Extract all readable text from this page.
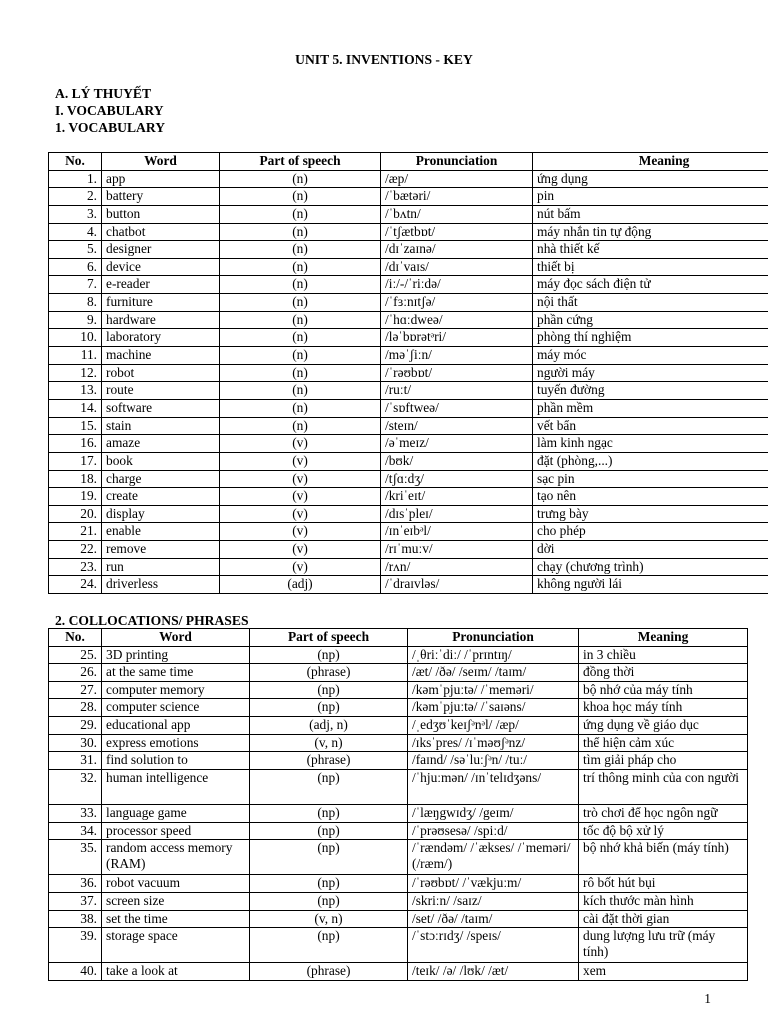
UNIT 5. INVENTIONS - KEY
A. LÝ THUYẾT
I. VOCABULARY
1. VOCABULARY
No.	Word	Part of speech	Pronunciation	Meaning
1.	app	(n)	/æp/	ứng dụng
2.	battery	(n)	/ˈbætəri/	pin
3.	button	(n)	/ˈbʌtn/	nút bấm
4.	chatbot	(n)	/ˈtʃætbɒt/	máy nhắn tin tự động
5.	designer	(n)	/dɪˈzaɪnə/	nhà thiết kế
6.	device	(n)	/dɪˈvaɪs/	thiết bị
7.	e-reader	(n)	/iː/-/ˈriːdə/	máy đọc sách điện tử
8.	furniture	(n)	/ˈfɜːnɪtʃə/	nội thất
9.	hardware	(n)	/ˈhɑːdweə/	phần cứng
10.	laboratory	(n)	/ləˈbɒrətᵊri/	phòng thí nghiệm
11.	machine	(n)	/məˈʃiːn/	máy móc
12.	robot	(n)	/ˈrəʊbɒt/	người máy
13.	route	(n)	/ruːt/	tuyến đường
14.	software	(n)	/ˈsɒftweə/	phần mềm
15.	stain	(n)	/steɪn/	vết bẩn
16.	amaze	(v)	/əˈmeɪz/	làm kinh ngạc
17.	book	(v)	/bʊk/	đặt (phòng,...)
18.	charge	(v)	/tʃɑːdʒ/	sạc pin
19.	create	(v)	/kriˈeɪt/	tạo nên
20.	display	(v)	/dɪsˈpleɪ/	trưng bày
21.	enable	(v)	/ɪnˈeɪbᵊl/	cho phép
22.	remove	(v)	/rɪˈmuːv/	dời
23.	run	(v)	/rʌn/	chạy (chương trình)
24.	driverless	(adj)	/ˈdraɪvləs/	không người lái
2. COLLOCATIONS/ PHRASES
No.	Word	Part of speech	Pronunciation	Meaning
25.	3D printing	(np)	/ˌθriːˈdiː/ /ˈprɪntɪŋ/	in 3 chiều
26.	at the same time	(phrase)	/æt/ /ðə/ /seɪm/ /taɪm/	đồng thời
27.	computer memory	(np)	/kəmˈpjuːtə/ /ˈmeməri/	bộ nhớ của máy tính
28.	computer science	(np)	/kəmˈpjuːtə/ /ˈsaɪəns/	khoa học máy tính
29.	educational app	(adj, n)	/ˌedʒʊˈkeɪʃᵊnᵊl/ /æp/	ứng dụng về giáo dục
30.	express emotions	(v, n)	/ɪksˈpres/ /ɪˈməʊʃᵊnz/	thể hiện cảm xúc
31.	find solution to	(phrase)	/faɪnd/ /səˈluːʃᵊn/ /tuː/	tìm giải pháp cho
32.	human intelligence	(np)	/ˈhjuːmən/ /ɪnˈtelɪdʒəns/	trí thông minh của con người
33.	language game	(np)	/ˈlæŋgwɪdʒ/ /geɪm/	trò chơi để học ngôn ngữ
34.	processor speed	(np)	/ˈprəʊsesə/ /spiːd/	tốc độ bộ xử lý
35.	random access memory (RAM)	(np)	/ˈrændəm/ /ˈækses/ /ˈmeməri/ (/ræm/)	bộ nhớ khả biến (máy tính)
36.	robot vacuum	(np)	/ˈrəʊbɒt/ /ˈvækjuːm/	rô bốt hút bụi
37.	screen size	(np)	/skriːn/ /saɪz/	kích thước màn hình
38.	set the time	(v, n)	/set/ /ðə/ /taɪm/	cài đặt thời gian
39.	storage space	(np)	/ˈstɔːrɪdʒ/ /speɪs/	dung lượng lưu trữ (máy tính)
40.	take a look at	(phrase)	/teɪk/ /ə/ /lʊk/ /æt/	xem
1
